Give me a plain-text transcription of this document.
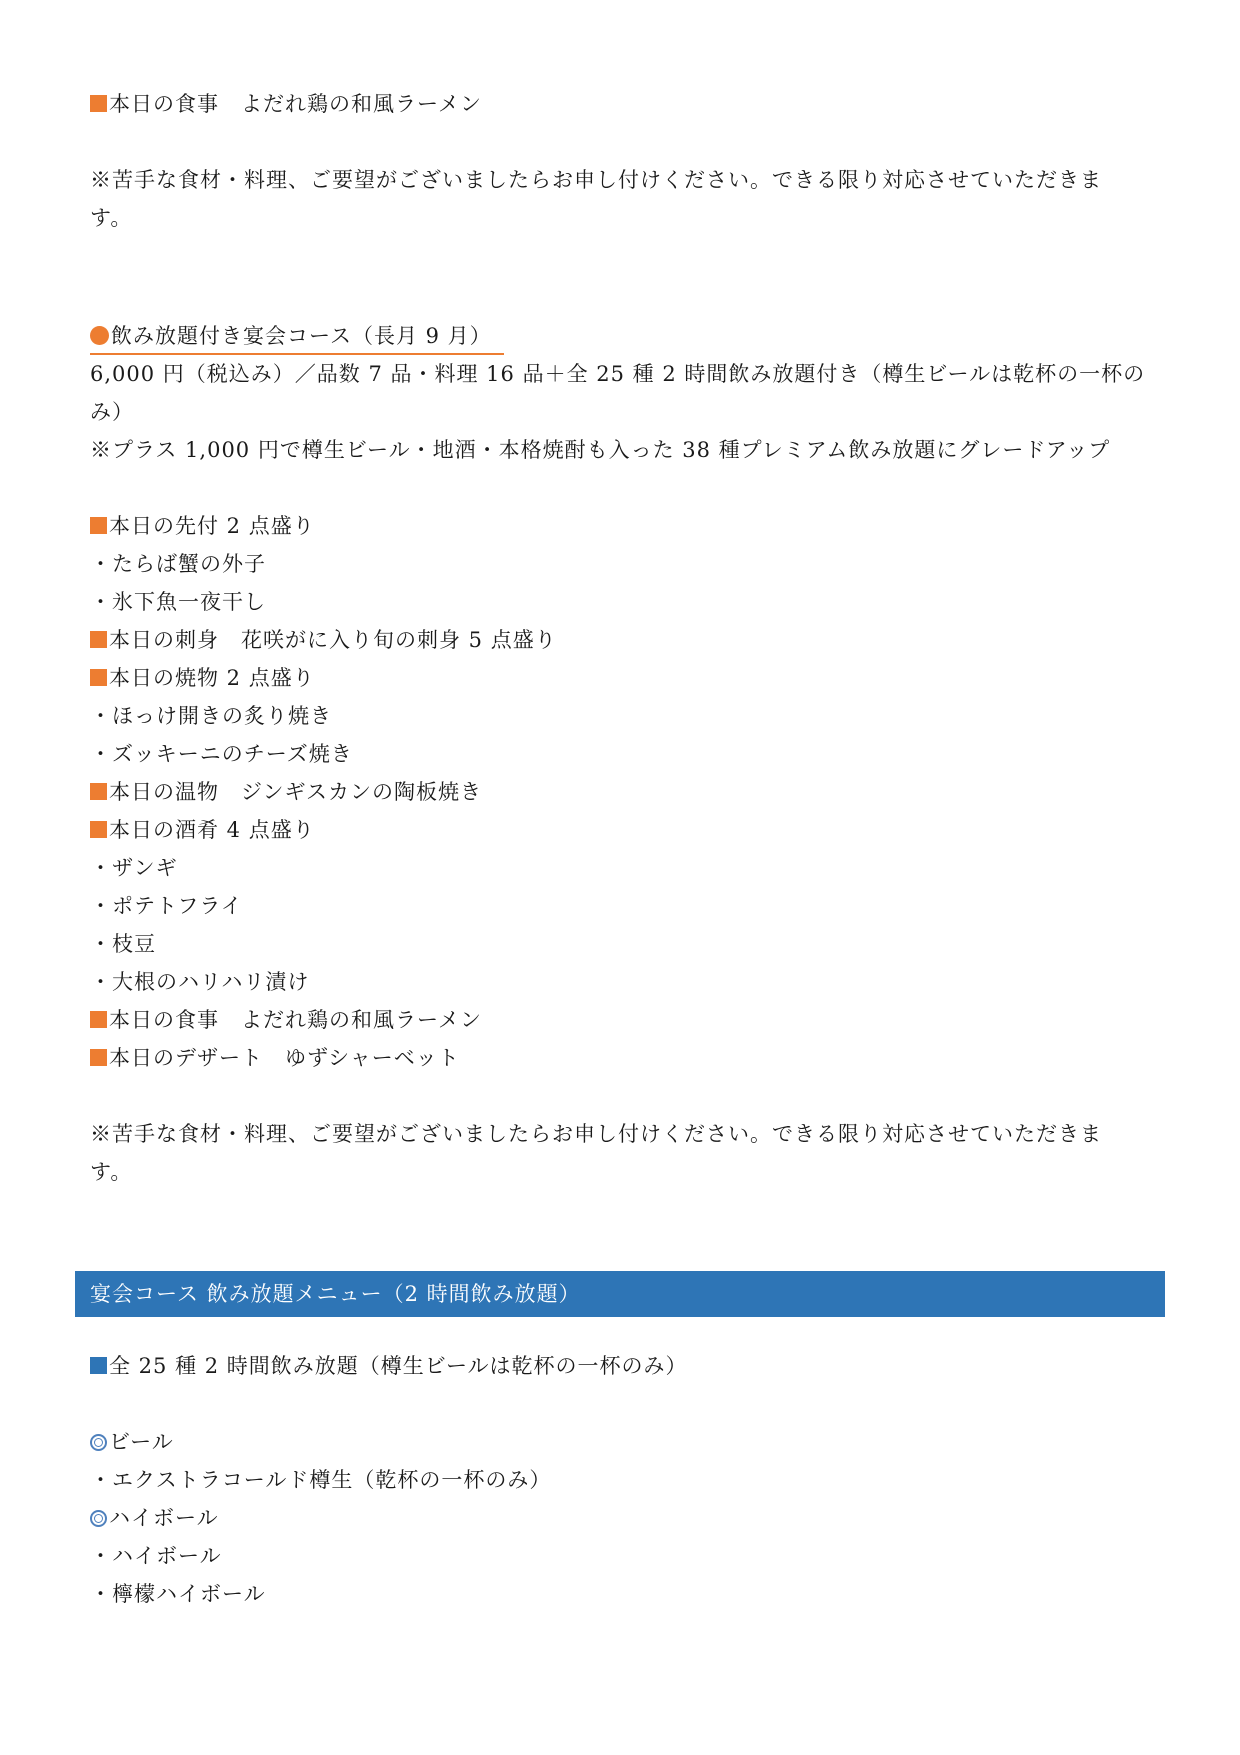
本日の食事　よだれ鶏の和風ラーメン

※苦手な食材・料理、ご要望がございましたらお申し付けください。できる限り対応させていただきま

す。

飲み放題付き宴会コース（長月 9 月）

6,000 円（税込み）／品数 7 品・料理 16 品＋全 25 種 2 時間飲み放題付き（樽生ビールは乾杯の一杯の

み）

※プラス 1,000 円で樽生ビール・地酒・本格焼酎も入った 38 種プレミアム飲み放題にグレードアップ

本日の先付 2 点盛り

・たらば蟹の外子

・氷下魚一夜干し

本日の刺身　花咲がに入り旬の刺身 5 点盛り

本日の焼物 2 点盛り

・ほっけ開きの炙り焼き

・ズッキーニのチーズ焼き

本日の温物　ジンギスカンの陶板焼き

本日の酒肴 4 点盛り

・ザンギ

・ポテトフライ

・枝豆

・大根のハリハリ漬け

本日の食事　よだれ鶏の和風ラーメン

本日のデザート　ゆずシャーベット

※苦手な食材・料理、ご要望がございましたらお申し付けください。できる限り対応させていただきま

す。

宴会コース 飲み放題メニュー（2 時間飲み放題）

全 25 種 2 時間飲み放題（樽生ビールは乾杯の一杯のみ）

ビール

・エクストラコールド樽生（乾杯の一杯のみ）

ハイボール

・ハイボール

・檸檬ハイボール
